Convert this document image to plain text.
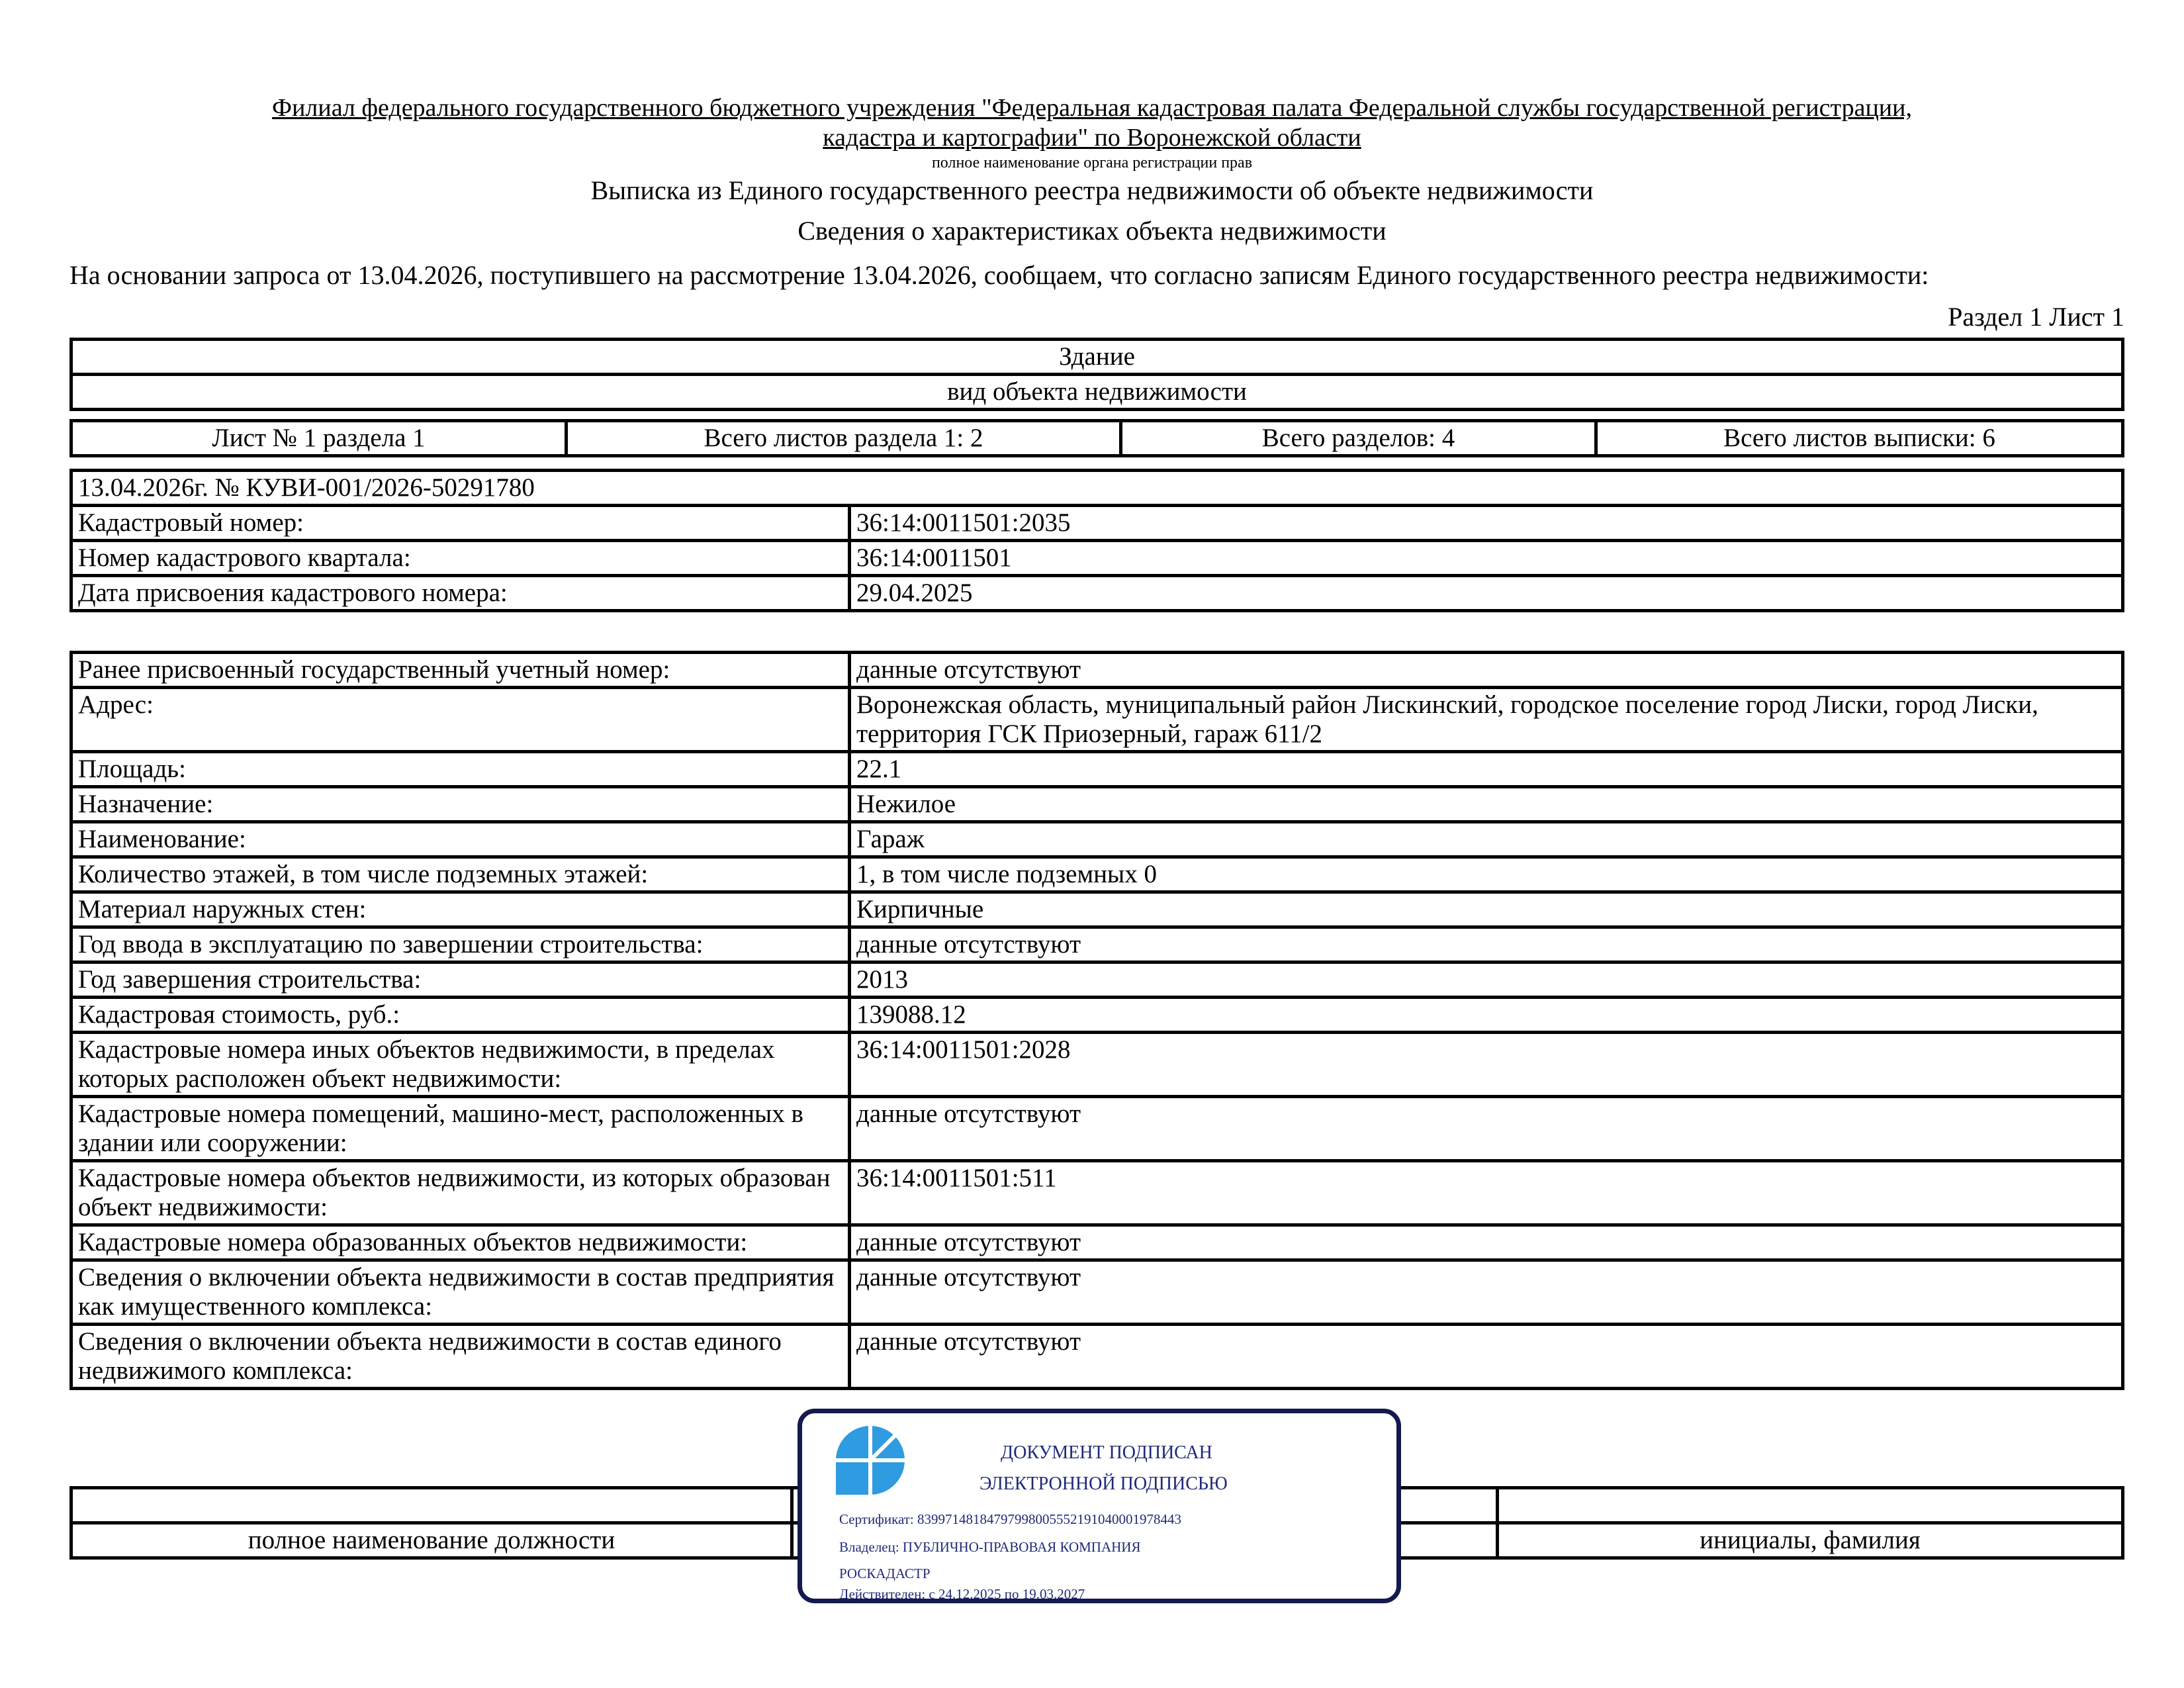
Филиал федерального государственного бюджетного учреждения "Федеральная кадастровая палата Федеральной службы государственной регистрации,
кадастра и картографии" по Воронежской области
полное наименование органа регистрации прав
Выписка из Единого государственного реестра недвижимости об объекте недвижимости
Сведения о характеристиках объекта недвижимости
На основании запроса от 13.04.2026, поступившего на рассмотрение 13.04.2026, сообщаем, что согласно записям Единого государственного реестра недвижимости:
Раздел 1 Лист 1
Здание
вид объекта недвижимости
Лист № 1 раздела 1	Всего листов раздела 1: 2	Всего разделов: 4	Всего листов выписки: 6
13.04.2026г. № КУВИ-001/2026-50291780	
Кадастровый номер:	36:14:0011501:2035
Номер кадастрового квартала:	36:14:0011501
Дата присвоения кадастрового номера:	29.04.2025
Ранее присвоенный государственный учетный номер:	данные отсутствуют
Адрес:	Воронежская область, муниципальный район Лискинский, городское поселение город Лиски, город Лиски, территория ГСК Приозерный, гараж 611/2
Площадь:	22.1
Назначение:	Нежилое
Наименование:	Гараж
Количество этажей, в том числе подземных этажей:	1, в том числе подземных 0
Материал наружных стен:	Кирпичные
Год ввода в эксплуатацию по завершении строительства:	данные отсутствуют
Год завершения строительства:	2013
Кадастровая стоимость, руб.:	139088.12
Кадастровые номера иных объектов недвижимости, в пределах которых расположен объект недвижимости:	36:14:0011501:2028
Кадастровые номера помещений, машино-мест, расположенных в здании или сооружении:	данные отсутствуют
Кадастровые номера объектов недвижимости, из которых образован объект недвижимости:	36:14:0011501:511
Кадастровые номера образованных объектов недвижимости:	данные отсутствуют
Сведения о включении объекта недвижимости в состав предприятия как имущественного комплекса:	данные отсутствуют
Сведения о включении объекта недвижимости в состав единого недвижимого комплекса:	данные отсутствуют

полное наименование должности		инициалы, фамилия
ДОКУМЕНТ ПОДПИСАН
ЭЛЕКТРОННОЙ ПОДПИСЬЮ
Сертификат: 83997148184797998005552191040001978443
Владелец: ПУБЛИЧНО-ПРАВОВАЯ КОМПАНИЯ
РОСКАДАСТР
Действителен: с 24.12.2025 по 19.03.2027
